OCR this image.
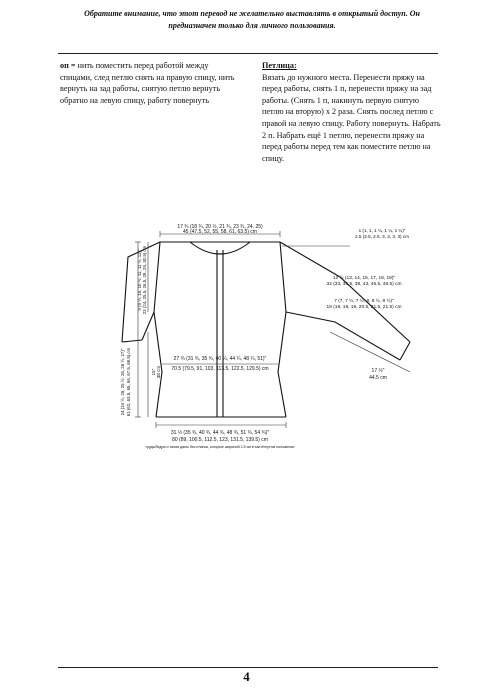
Обратите внимание, что этот перевод не желательно выставлять в открытый доступ. Он
предназначен только для личного пользования.

оп = нить поместить перед работой между спицами, след петлю снять на правую спицу, нить вернуть на зад работы, снятую петлю вернуть обратно на левую спицу, работу повернуть

Петлица:

Вязать до нужного места. Перенести пряжу на перед работы, снять 1 п, перенести пряжу на зад работы. (Снять 1 п, накинуть первую снятую петлю на вторую) х 2 раза. Снять послед петлю с правой на левую спицу. Работу повернуть. Набрать 2 п. Набрать ещё 1 петлю, перенести пряжу на перед работы перед тем как поместите петлю на спицу.

17 ¾ (18 ¾, 20 ½, 21 ¾, 23 ¾, 24, 25)
45 (47.5, 52, 55, 58, 61, 63.5) cm	1 (1, 1, 1 ¼, 1 ¼, 1 ¼)"
2.5 (2.5, 2.5, 3, 3, 3, 3) cm
12 ½ (13, 14, 15, 17, 18, 19)"
32 (33, 35.5, 38, 43, 45.5, 48.5) cm
7 (7, 7 ½, 7 ½, 8, 8 ½, 8 ½)"
18 (18, 19, 19, 20.5, 21.5, 21.5) cm
17 ½"
44.5 cm
27 ¾ (31 ¾, 35 ¾, 40 ¼, 44 ¼, 48 ¼, 51)"
70.5 (79.5, 91, 103, 113.5, 122.5, 129.5) cm
31 ½ (35 ¾, 40 ¾, 44 ¾, 48 ¾, 51 ¾, 54 ¾)"
80 (89, 100.5, 112.5, 123, 131.5, 139.5) cm
грудь/бедра и талия даны без планок, которые шириной 2.5 см в застёгнутом положении
24 (24 ½, 25, 25 ½, 26, 26 ½, 27)" 61 (62, 63.5, 65, 66, 67.5, 68.5) cm
9 (9 ½, 10, 10 ½, 11, 11 ½, 12)" 23 (24, 25.5, 26.5, 28, 29, 30.5) cm
15" 38 cm
4
